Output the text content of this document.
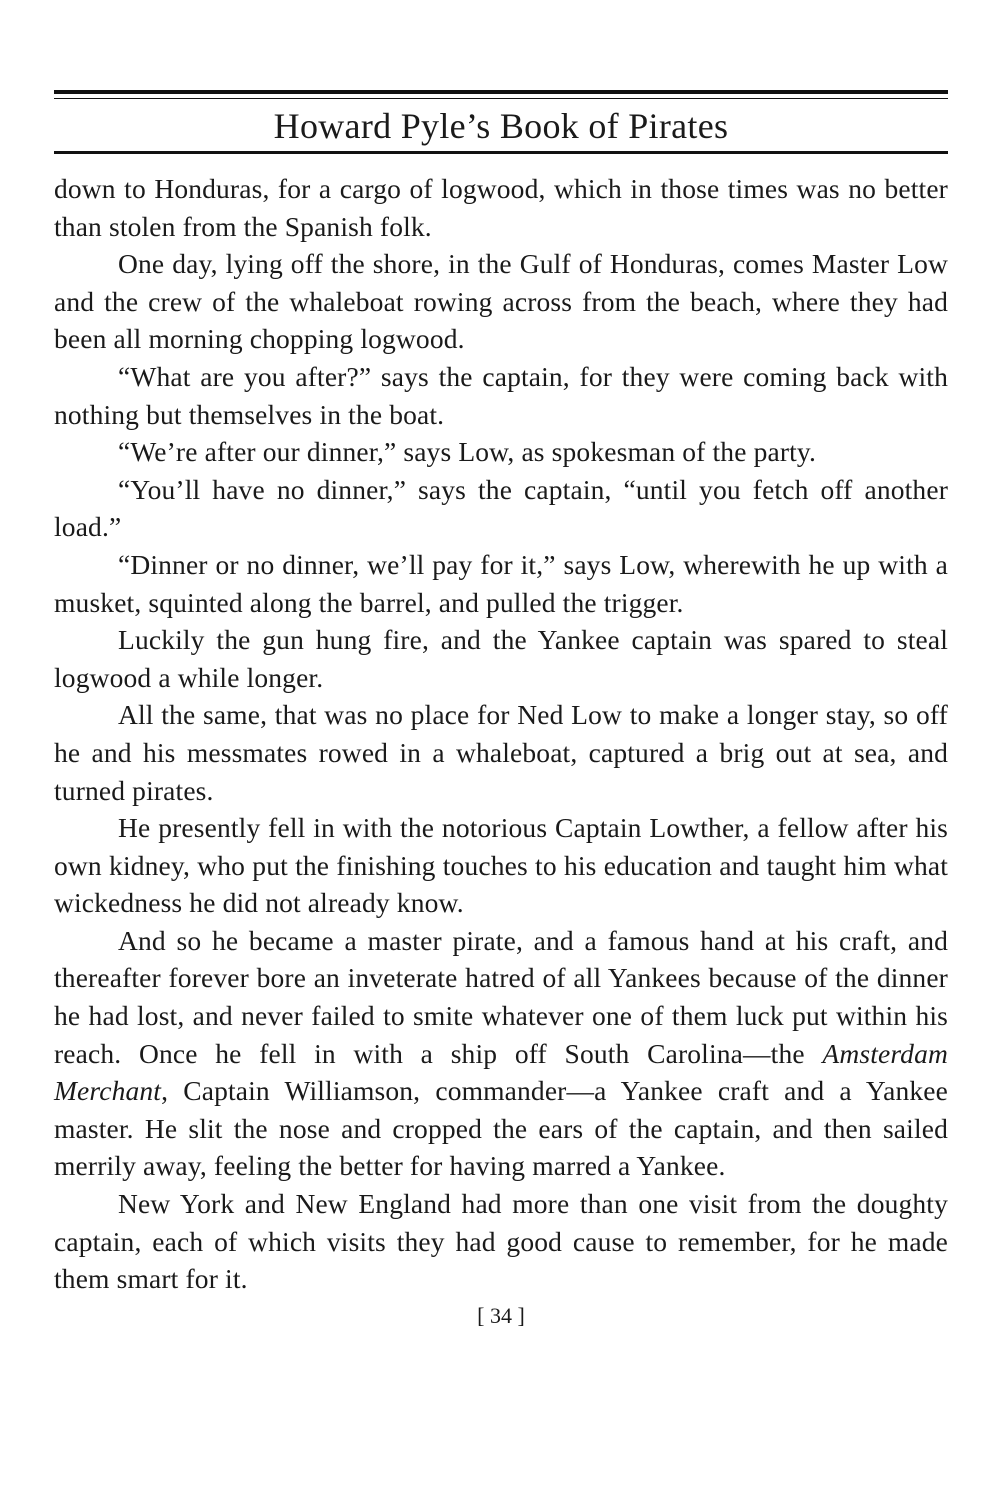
Howard Pyle’s Book of Pirates

down to Honduras, for a cargo of logwood, which in those times was no better than stolen from the Spanish folk.

One day, lying off the shore, in the Gulf of Honduras, comes Master Low and the crew of the whaleboat rowing across from the beach, where they had been all morning chopping logwood.

“What are you after?” says the captain, for they were coming back with nothing but themselves in the boat.

“We’re after our dinner,” says Low, as spokesman of the party.

“You’ll have no dinner,” says the captain, “until you fetch off another load.”

“Dinner or no dinner, we’ll pay for it,” says Low, wherewith he up with a musket, squinted along the barrel, and pulled the trigger.

Luckily the gun hung fire, and the Yankee captain was spared to steal logwood a while longer.

All the same, that was no place for Ned Low to make a longer stay, so off he and his messmates rowed in a whaleboat, captured a brig out at sea, and turned pirates.

He presently fell in with the notorious Captain Lowther, a fellow after his own kidney, who put the finishing touches to his education and taught him what wickedness he did not already know.

And so he became a master pirate, and a famous hand at his craft, and thereafter forever bore an inveterate hatred of all Yankees because of the dinner he had lost, and never failed to smite whatever one of them luck put within his reach. Once he fell in with a ship off South Carolina—the Amsterdam Merchant, Captain Williamson, commander—a Yankee craft and a Yankee master. He slit the nose and cropped the ears of the captain, and then sailed merrily away, feeling the better for having marred a Yankee.

New York and New England had more than one visit from the doughty captain, each of which visits they had good cause to remember, for he made them smart for it.

[ 34 ]
